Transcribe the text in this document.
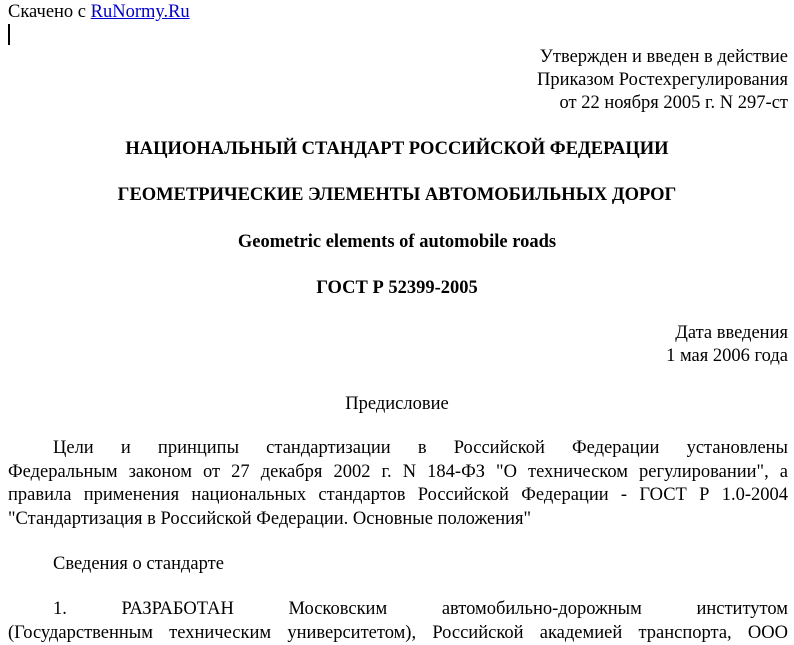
Скачено с RuNormy.Ru
Утвержден и введен в действие
Приказом Ростехрегулирования
от 22 ноября 2005 г. N 297-ст
НАЦИОНАЛЬНЫЙ СТАНДАРТ РОССИЙСКОЙ ФЕДЕРАЦИИ
ГЕОМЕТРИЧЕСКИЕ ЭЛЕМЕНТЫ АВТОМОБИЛЬНЫХ ДОРОГ
Geometric elements of automobile roads
ГОСТ Р 52399-2005
Дата введения
1 мая 2006 года
Предисловие
Цели и принципы стандартизации в Российской Федерации установлены
Федеральным законом от 27 декабря 2002 г. N 184-ФЗ "О техническом регулировании", а
правила применения национальных стандартов Российской Федерации - ГОСТ Р 1.0-2004
"Стандартизация в Российской Федерации. Основные положения"
Сведения о стандарте
1. РАЗРАБОТАН Московским автомобильно-дорожным институтом
(Государственным техническим университетом), Российской академией транспорта, ООО
